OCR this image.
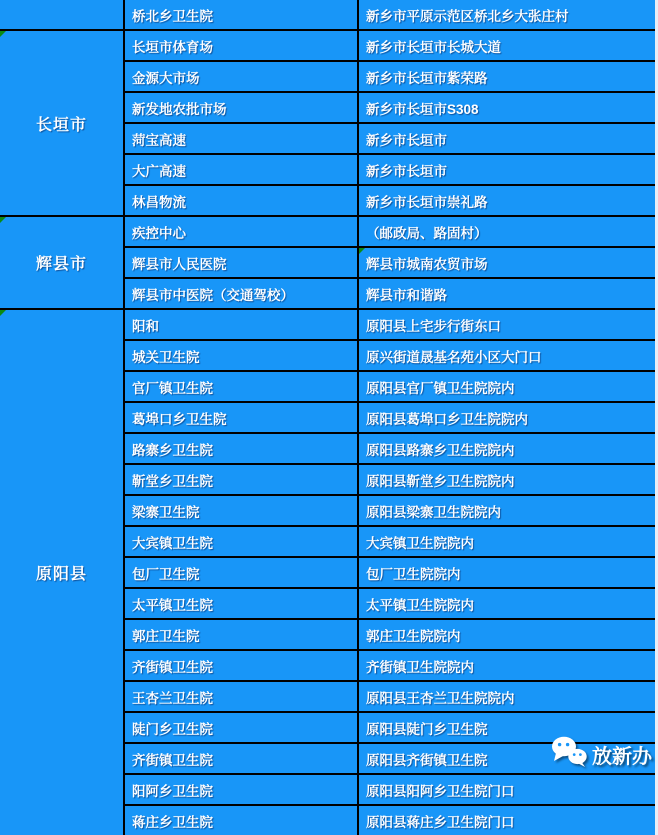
	桥北乡卫生院	新乡市平原示范区桥北乡大张庄村

长垣市	长垣市体育场	新乡市长垣市长城大道

	金源大市场	新乡市长垣市紫荣路

	新发地农批市场	新乡市长垣市S308

	菏宝高速	新乡市长垣市

	大广高速	新乡市长垣市

	林昌物流	新乡市长垣市崇礼路

辉县市	疾控中心	（邮政局、路固村）

	辉县市人民医院	辉县市城南农贸市场

	辉县市中医院（交通驾校）	辉县市和谐路

原阳县	阳和	原阳县上宅步行街东口

	城关卫生院	原兴街道晟基名苑小区大门口

	官厂镇卫生院	原阳县官厂镇卫生院院内

	葛埠口乡卫生院	原阳县葛埠口乡卫生院院内

	路寨乡卫生院	原阳县路寨乡卫生院院内

	靳堂乡卫生院	原阳县靳堂乡卫生院院内

	梁寨卫生院	原阳县梁寨卫生院院内

	大宾镇卫生院	大宾镇卫生院院内

	包厂卫生院	包厂卫生院院内

	太平镇卫生院	太平镇卫生院院内

	郭庄卫生院	郭庄卫生院院内

	齐街镇卫生院	齐街镇卫生院院内

	王杏兰卫生院	原阳县王杏兰卫生院院内

	陡门乡卫生院	原阳县陡门乡卫生院

	齐街镇卫生院	原阳县齐街镇卫生院

	阳阿乡卫生院	原阳县阳阿乡卫生院门口

	蒋庄乡卫生院	原阳县蒋庄乡卫生院门口
放新办
